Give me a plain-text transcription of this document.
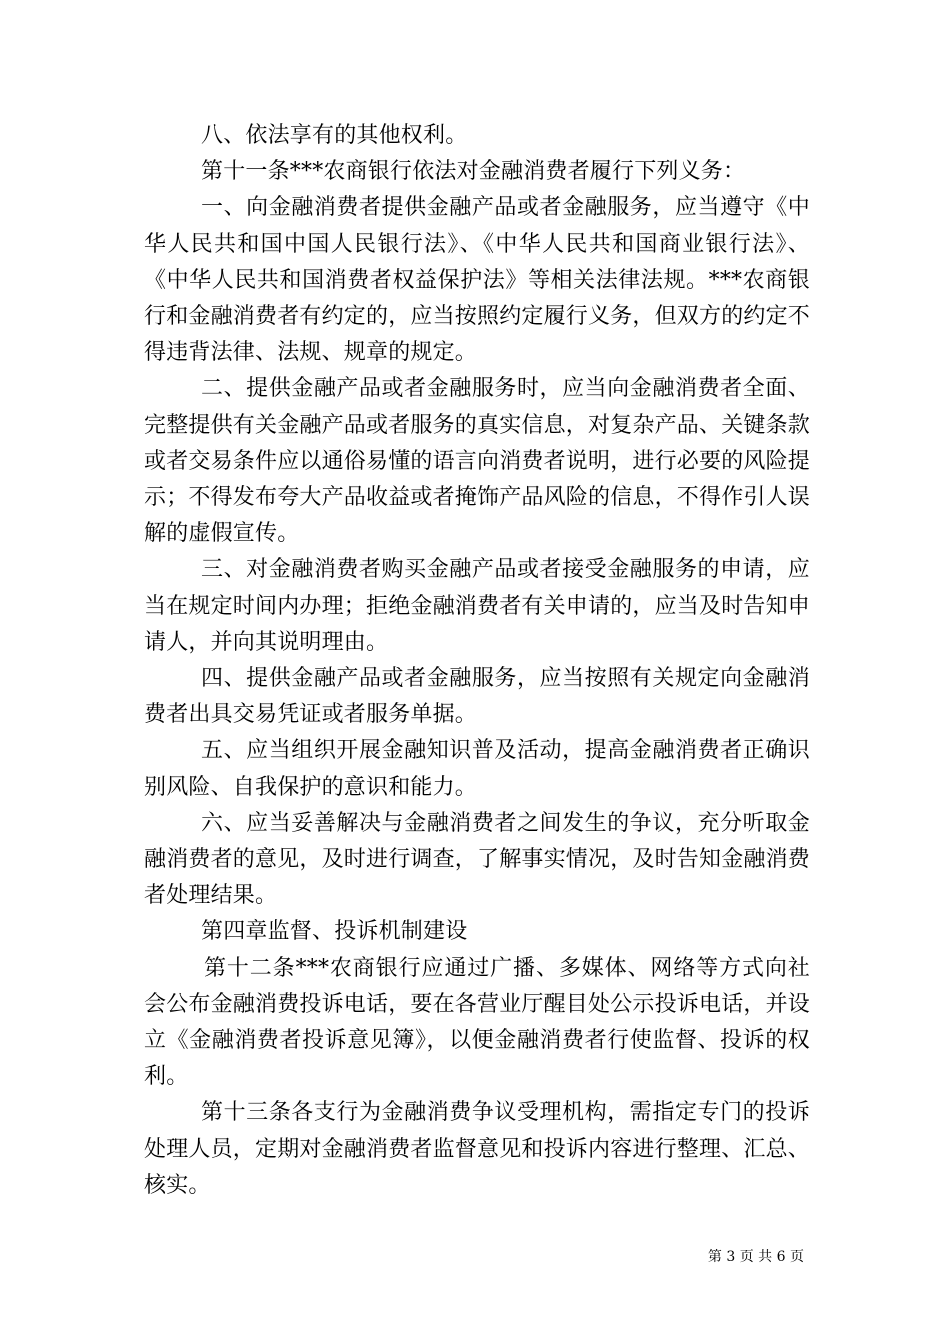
八、依法享有的其他权利。

第十一条***农商银行依法对金融消费者履行下列义务：

一、向金融消费者提供金融产品或者金融服务，应当遵守《中华人民共和国中国人民银行法》、《中华人民共和国商业银行法》、《中华人民共和国消费者权益保护法》等相关法律法规。***农商银行和金融消费者有约定的，应当按照约定履行义务，但双方的约定不得违背法律、法规、规章的规定。

二、提供金融产品或者金融服务时，应当向金融消费者全面、完整提供有关金融产品或者服务的真实信息，对复杂产品、关键条款或者交易条件应以通俗易懂的语言向消费者说明，进行必要的风险提示；不得发布夸大产品收益或者掩饰产品风险的信息，不得作引人误解的虚假宣传。

三、对金融消费者购买金融产品或者接受金融服务的申请，应当在规定时间内办理；拒绝金融消费者有关申请的，应当及时告知申请人，并向其说明理由。

四、提供金融产品或者金融服务，应当按照有关规定向金融消费者出具交易凭证或者服务单据。

五、应当组织开展金融知识普及活动，提高金融消费者正确识别风险、自我保护的意识和能力。

六、应当妥善解决与金融消费者之间发生的争议，充分听取金融消费者的意见，及时进行调查，了解事实情况，及时告知金融消费者处理结果。

第四章监督、投诉机制建设

第十二条***农商银行应通过广播、多媒体、网络等方式向社会公布金融消费投诉电话，要在各营业厅醒目处公示投诉电话，并设立《金融消费者投诉意见簿》，以便金融消费者行使监督、投诉的权利。

第十三条各支行为金融消费争议受理机构，需指定专门的投诉处理人员，定期对金融消费者监督意见和投诉内容进行整理、汇总、核实。

第 3 页 共 6 页
